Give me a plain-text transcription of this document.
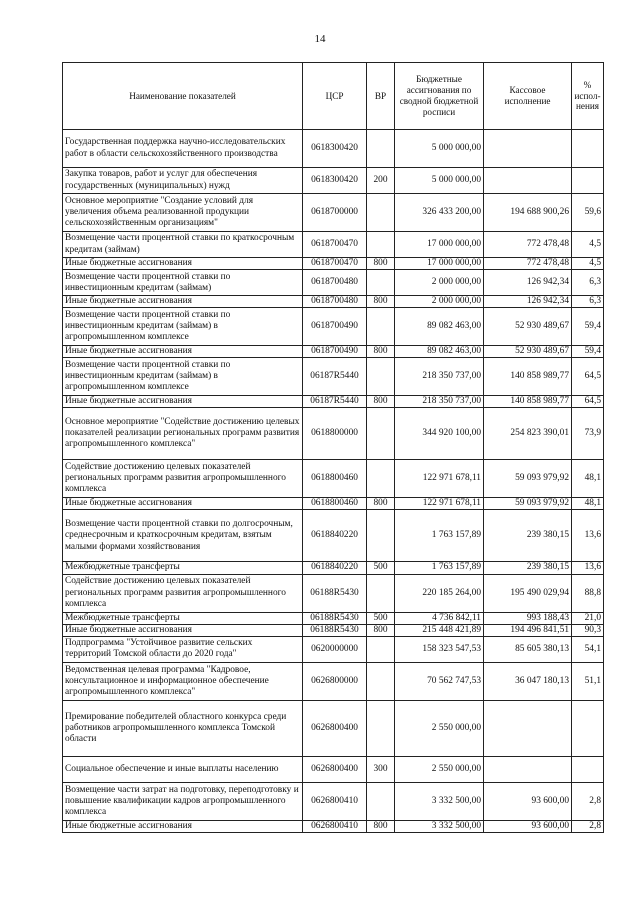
14
Наименование показателей	ЦСР	ВР	Бюджетные ассигнования по сводной бюджетной росписи	Кассовое исполнение	% испол-нения
Государственная поддержка научно-исследовательских работ в области сельскохозяйственного производства	0618300420		5 000 000,00		
Закупка товаров, работ и услуг для обеспечения государственных (муниципальных) нужд	0618300420	200	5 000 000,00		
Основное мероприятие "Создание условий для увеличения объема реализованной продукции сельскохозяйственным организациям"	0618700000		326 433 200,00	194 688 900,26	59,6
Возмещение части процентной ставки по краткосрочным кредитам (займам)	0618700470		17 000 000,00	772 478,48	4,5
Иные бюджетные ассигнования	0618700470	800	17 000 000,00	772 478,48	4,5
Возмещение части процентной ставки по инвестиционным кредитам (займам)	0618700480		2 000 000,00	126 942,34	6,3
Иные бюджетные ассигнования	0618700480	800	2 000 000,00	126 942,34	6,3
Возмещение части процентной ставки по инвестиционным кредитам (займам) в агропромышленном комплексе	0618700490		89 082 463,00	52 930 489,67	59,4
Иные бюджетные ассигнования	0618700490	800	89 082 463,00	52 930 489,67	59,4
Возмещение части процентной ставки по инвестиционным кредитам (займам) в агропромышленном комплексе	06187R5440		218 350 737,00	140 858 989,77	64,5
Иные бюджетные ассигнования	06187R5440	800	218 350 737,00	140 858 989,77	64,5
Основное мероприятие "Содействие достижению целевых показателей реализации региональных программ развития агропромышленного комплекса"	0618800000		344 920 100,00	254 823 390,01	73,9
Содействие достижению целевых показателей региональных программ развития агропромышленного комплекса	0618800460		122 971 678,11	59 093 979,92	48,1
Иные бюджетные ассигнования	0618800460	800	122 971 678,11	59 093 979,92	48,1
Возмещение части процентной ставки по долгосрочным, среднесрочным и краткосрочным кредитам, взятым малыми формами хозяйствования	0618840220		1 763 157,89	239 380,15	13,6
Межбюджетные трансферты	0618840220	500	1 763 157,89	239 380,15	13,6
Содействие достижению целевых показателей региональных программ развития агропромышленного комплекса	06188R5430		220 185 264,00	195 490 029,94	88,8
Межбюджетные трансферты	06188R5430	500	4 736 842,11	993 188,43	21,0
Иные бюджетные ассигнования	06188R5430	800	215 448 421,89	194 496 841,51	90,3
Подпрограмма "Устойчивое развитие сельских территорий Томской области до 2020 года"	0620000000		158 323 547,53	85 605 380,13	54,1
Ведомственная целевая программа "Кадровое, консультационное и информационное обеспечение агропромышленного комплекса"	0626800000		70 562 747,53	36 047 180,13	51,1
Премирование победителей областного конкурса среди работников агропромышленного комплекса Томской области	0626800400		2 550 000,00		
Социальное обеспечение и иные выплаты населению	0626800400	300	2 550 000,00		
Возмещение части затрат на подготовку, переподготовку и повышение квалификации кадров агропромышленного комплекса	0626800410		3 332 500,00	93 600,00	2,8
Иные бюджетные ассигнования	0626800410	800	3 332 500,00	93 600,00	2,8
